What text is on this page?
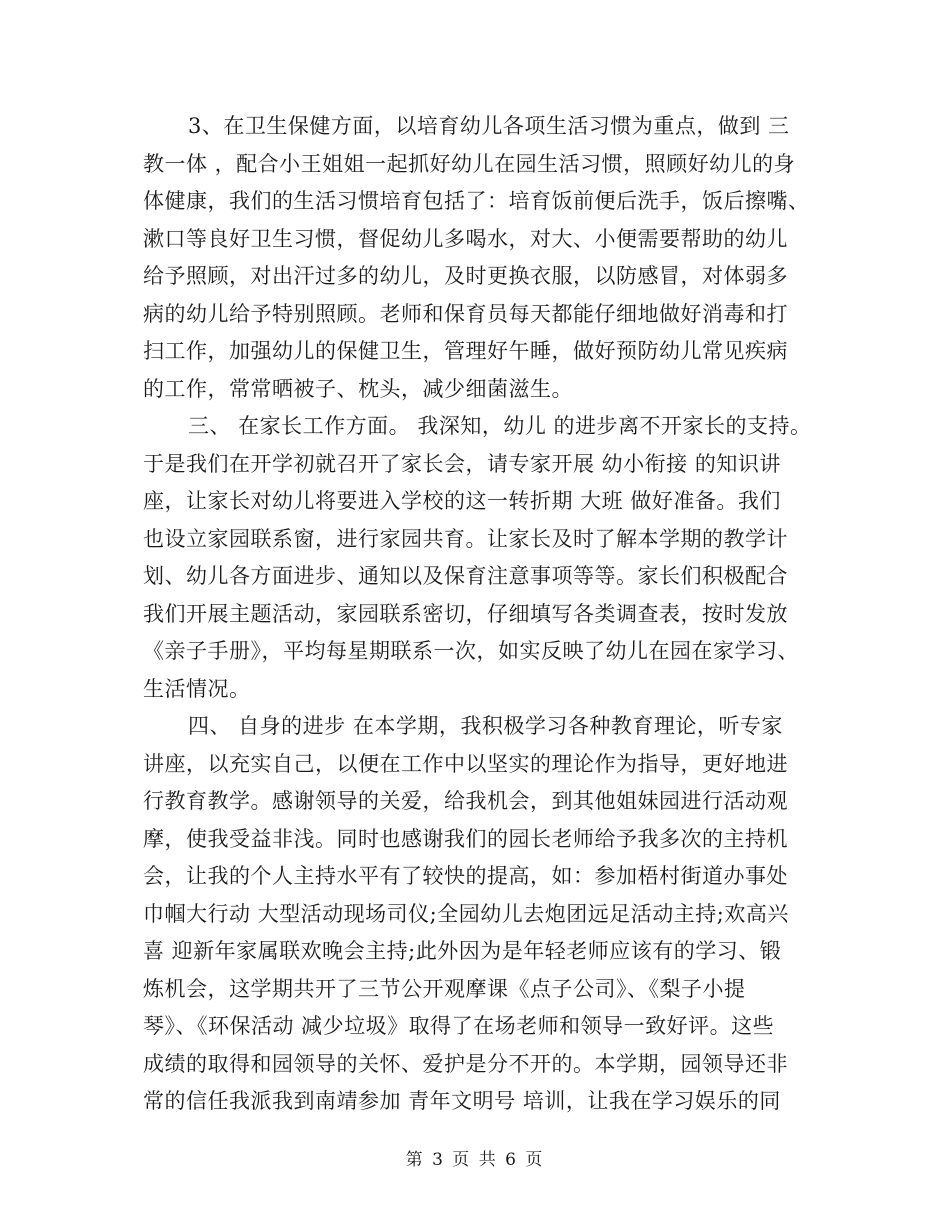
3、在卫生保健方面，以培育幼儿各项生活习惯为重点，做到 三
教一体 ，配合小王姐姐一起抓好幼儿在园生活习惯，照顾好幼儿的身
体健康，我们的生活习惯培育包括了：培育饭前便后洗手，饭后擦嘴、
漱口等良好卫生习惯，督促幼儿多喝水，对大、小便需要帮助的幼儿
给予照顾，对出汗过多的幼儿，及时更换衣服，以防感冒，对体弱多
病的幼儿给予特别照顾。老师和保育员每天都能仔细地做好消毒和打
扫工作，加强幼儿的保健卫生，管理好午睡，做好预防幼儿常见疾病
的工作，常常晒被子、枕头，减少细菌滋生。
三、 在家长工作方面。 我深知，幼儿 的进步离不开家长的支持。
于是我们在开学初就召开了家长会，请专家开展 幼小衔接 的知识讲
座，让家长对幼儿将要进入学校的这一转折期 大班 做好准备。我们
也设立家园联系窗，进行家园共育。让家长及时了解本学期的教学计
划、幼儿各方面进步、通知以及保育注意事项等等。家长们积极配合
我们开展主题活动，家园联系密切，仔细填写各类调查表，按时发放
《亲子手册》，平均每星期联系一次，如实反映了幼儿在园在家学习、
生活情况。
四、 自身的进步 在本学期，我积极学习各种教育理论，听专家
讲座，以充实自己，以便在工作中以坚实的理论作为指导，更好地进
行教育教学。感谢领导的关爱，给我机会，到其他姐妹园进行活动观
摩，使我受益非浅。同时也感谢我们的园长老师给予我多次的主持机
会，让我的个人主持水平有了较快的提高，如：参加梧村街道办事处
巾帼大行动 大型活动现场司仪;全园幼儿去炮团远足活动主持;欢高兴
喜 迎新年家属联欢晚会主持;此外因为是年轻老师应该有的学习、锻
炼机会，这学期共开了三节公开观摩课《点子公司》、《梨子小提
琴》、《环保活动 减少垃圾》取得了在场老师和领导一致好评。这些
成绩的取得和园领导的关怀、爱护是分不开的。本学期，园领导还非
常的信任我派我到南靖参加 青年文明号 培训，让我在学习娱乐的同
第 3 页 共 6 页
